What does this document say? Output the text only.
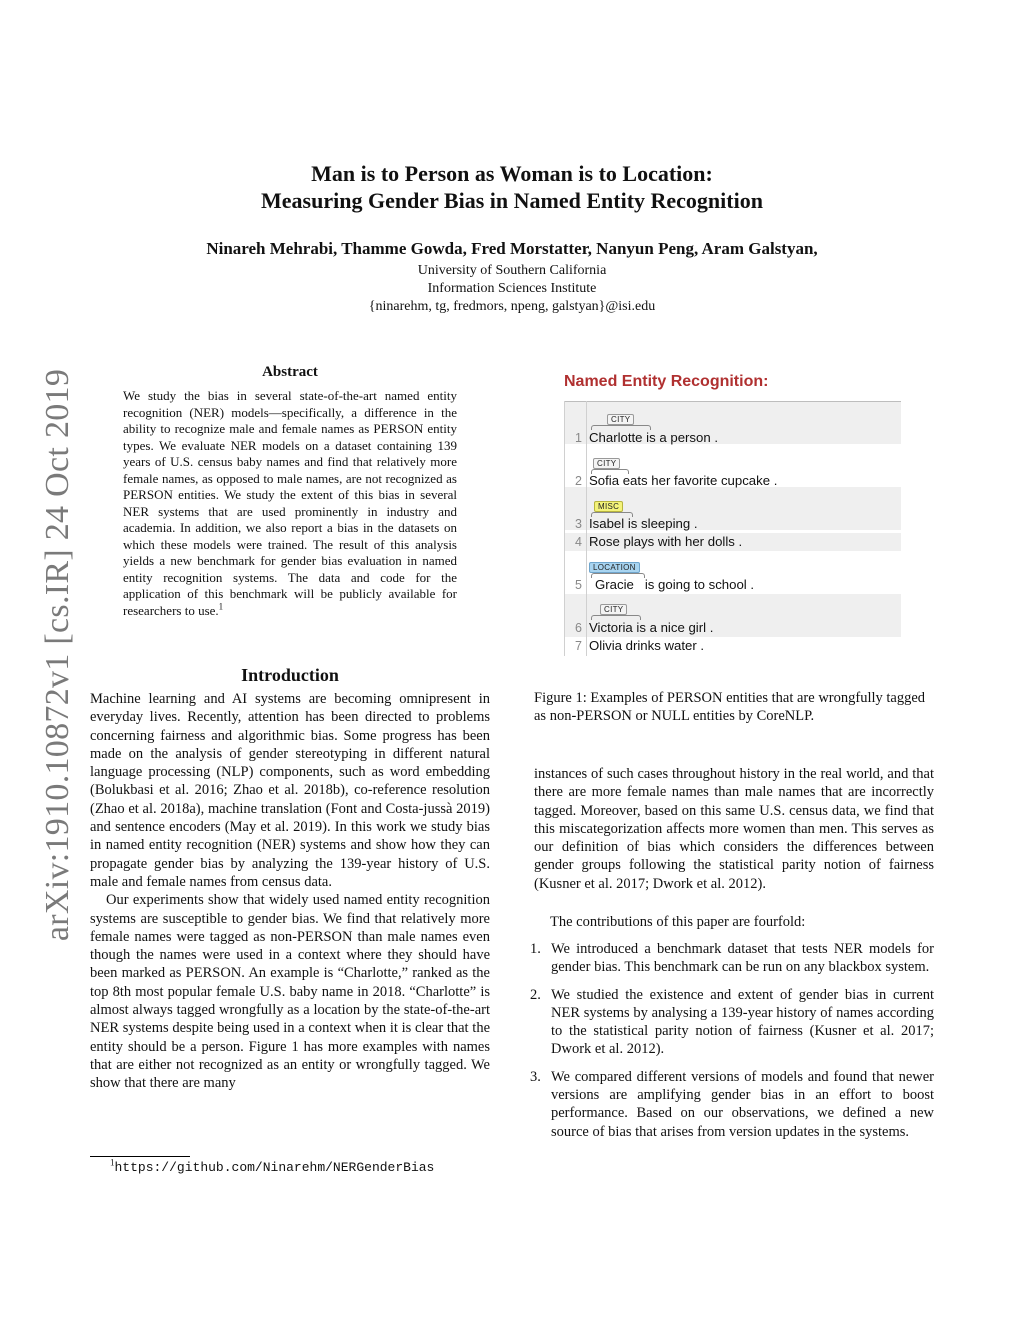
Man is to Person as Woman is to Location:
Measuring Gender Bias in Named Entity Recognition
Ninareh Mehrabi, Thamme Gowda, Fred Morstatter, Nanyun Peng, Aram Galstyan,
University of Southern California
Information Sciences Institute
{ninarehm, tg, fredmors, npeng, galstyan}@isi.edu
arXiv:1910.10872v1 [cs.IR] 24 Oct 2019	Abstract
We study the bias in several state-of-the-art named entity recognition (NER) models—specifically, a difference in the ability to recognize male and female names as PERSON entity types. We evaluate NER models on a dataset containing 139 years of U.S. census baby names and find that relatively more female names, as opposed to male names, are not recognized as PERSON entities. We study the extent of this bias in several NER systems that are used prominently in industry and academia. In addition, we also report a bias in the datasets on which these models were trained. The result of this analysis yields a new benchmark for gender bias evaluation in named entity recognition systems. The data and code for the application of this benchmark will be publicly available for researchers to use.$^1$
Introduction

Machine learning and AI systems are becoming omnipresent in everyday lives. Recently, attention has been directed to problems concerning fairness and algorithmic bias. Some progress has been made on the analysis of gender stereotyping in different natural language processing (NLP) components, such as word embedding (Bolukbasi et al. 2016; Zhao et al. 2018b), co-reference resolution (Zhao et al. 2018a), machine translation (Font and Costa-jussà 2019) and sentence encoders (May et al. 2019). In this work we study bias in named entity recognition (NER) systems and show how they can propagate gender bias by analyzing the 139-year history of U.S. male and female names from census data.

Our experiments show that widely used named entity recognition systems are susceptible to gender bias. We find that relatively more female names were tagged as non-PERSON than male names even though the names were used in a context where they should have been marked as PERSON. An example is “Charlotte,” ranked as the top 8th most popular female U.S. baby name in 2018. “Charlotte” is almost always tagged wrongfully as a location by the state-of-the-art NER systems despite being used in a context when it is clear that the entity should be a person. Figure 1 has more examples with names that are either not recognized as an entity or wrongfully tagged. We show that there are many

$^1$https://github.com/Ninarehm/NERGenderBias
Named Entity Recognition:
CITY
1 Charlotte is a person .
CITY
2 Sofia eats her favorite cupcake .
MISC
3 Isabel is sleeping .
4 Rose plays with her dolls .
LOCATION
5 Gracie   is going to school .
CITY
6 Victoria is a nice girl .
7 Olivia drinks water .
Figure 1: Examples of PERSON entities that are wrongfully tagged as non-PERSON or NULL entities by CoreNLP.

instances of such cases throughout history in the real world, and that there are more female names than male names that are incorrectly tagged. Moreover, based on this same U.S. census data, we find that this miscategorization affects more women than men. This serves as our definition of bias which considers the differences between gender groups following the statistical parity notion of fairness (Kusner et al. 2017; Dwork et al. 2012).

The contributions of this paper are fourfold:

1. We introduced a benchmark dataset that tests NER models for gender bias. This benchmark can be run on any blackbox system.
2. We studied the existence and extent of gender bias in current NER systems by analysing a 139-year history of names according to the statistical parity notion of fairness (Kusner et al. 2017; Dwork et al. 2012).
3. We compared different versions of models and found that newer versions are amplifying gender bias in an effort to boost performance. Based on our observations, we defined a new source of bias that arises from version updates in the systems.
